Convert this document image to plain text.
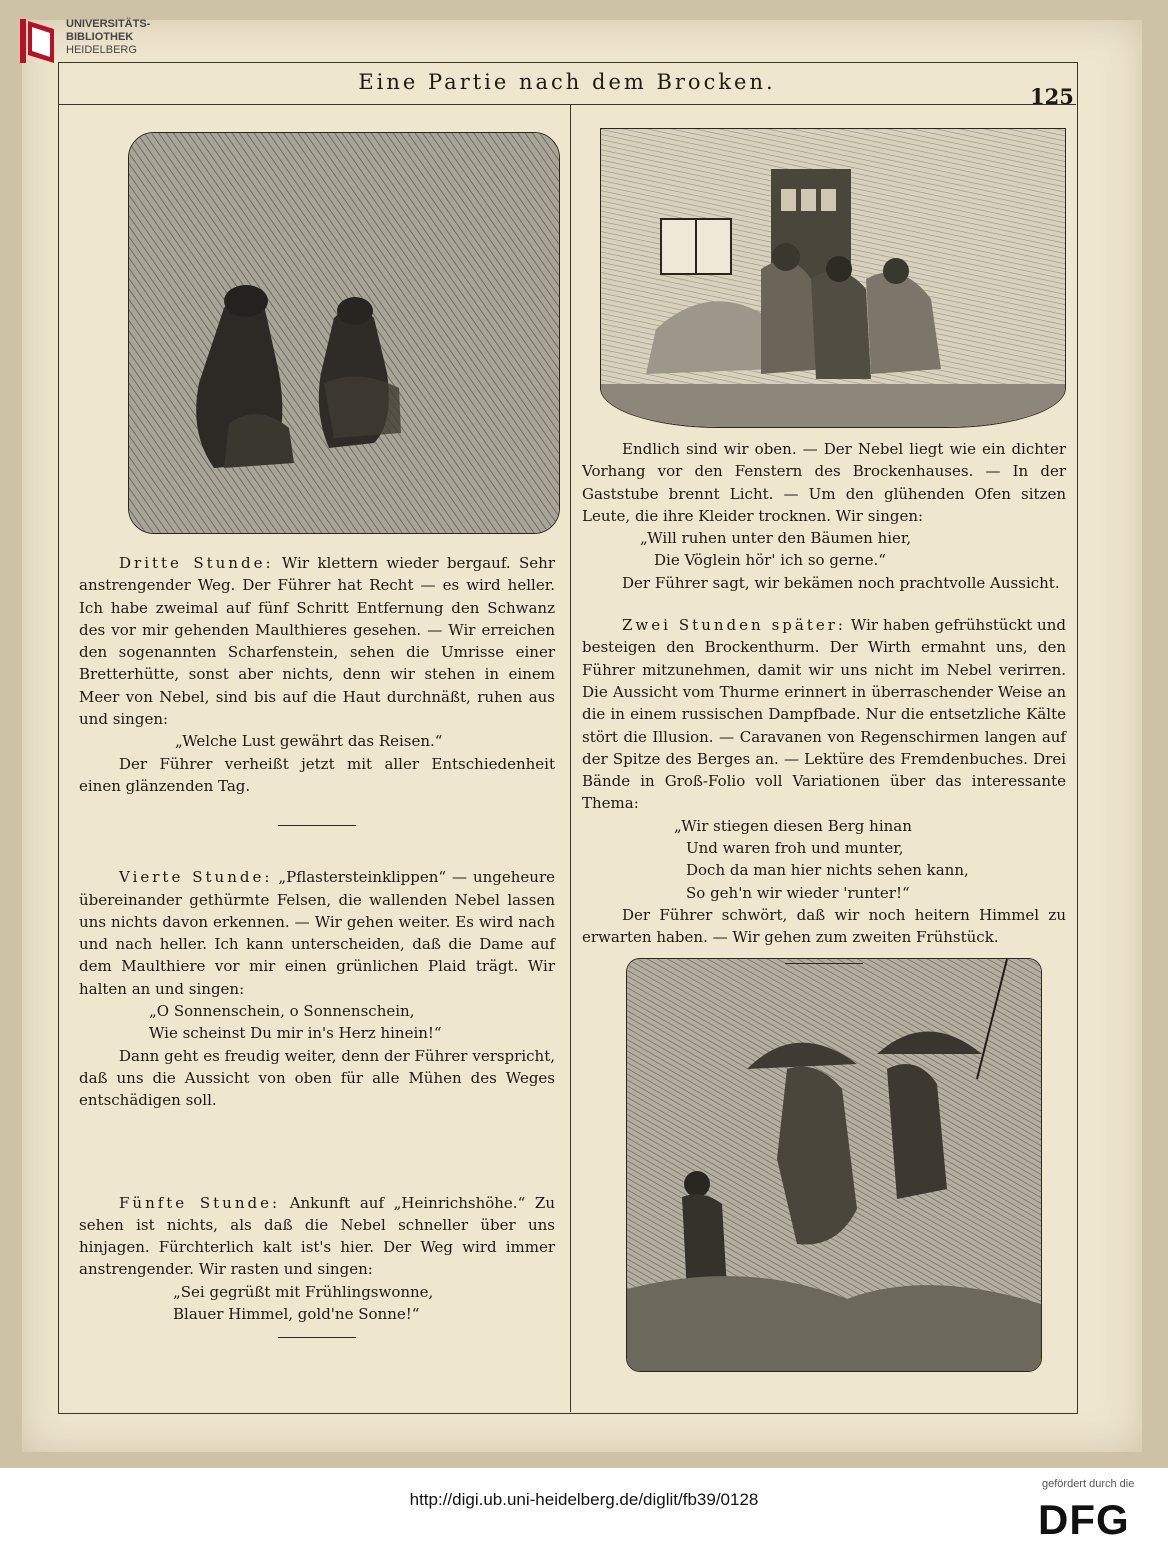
Eine Partie nach dem Brocken.
125

Dritte Stunde: Wir klettern wieder bergauf. Sehr anstrengender Weg. Der Führer hat Recht — es wird heller. Ich habe zweimal auf fünf Schritt Entfernung den Schwanz des vor mir gehenden Maulthieres gesehen. — Wir erreichen den sogenannten Scharfenstein, sehen die Umrisse einer Bretterhütte, sonst aber nichts, denn wir stehen in einem Meer von Nebel, sind bis auf die Haut durchnäßt, ruhen aus und singen:

„Welche Lust gewährt das Reisen.“

Der Führer verheißt jetzt mit aller Entschiedenheit einen glänzenden Tag.

Vierte Stunde: „Pflastersteinklippen“ — ungeheure übereinander gethürmte Felsen, die wallenden Nebel lassen uns nichts davon erkennen. — Wir gehen weiter. Es wird nach und nach heller. Ich kann unterscheiden, daß die Dame auf dem Maulthiere vor mir einen grünlichen Plaid trägt. Wir halten an und singen:

„O Sonnenschein, o Sonnenschein,
Wie scheinst Du mir in's Herz hinein!“

Dann geht es freudig weiter, denn der Führer verspricht, daß uns die Aussicht von oben für alle Mühen des Weges entschädigen soll.

Fünfte Stunde: Ankunft auf „Heinrichshöhe.“ Zu sehen ist nichts, als daß die Nebel schneller über uns hinjagen. Fürchterlich kalt ist's hier. Der Weg wird immer anstrengender. Wir rasten und singen:

„Sei gegrüßt mit Frühlingswonne,
Blauer Himmel, gold'ne Sonne!“

Endlich sind wir oben. — Der Nebel liegt wie ein dichter Vorhang vor den Fenstern des Brockenhauses. — In der Gaststube brennt Licht. — Um den glühenden Ofen sitzen Leute, die ihre Kleider trocknen. Wir singen:

„Will ruhen unter den Bäumen hier,
Die Vöglein hör' ich so gerne.“

Der Führer sagt, wir bekämen noch prachtvolle Aussicht.

Zwei Stunden später: Wir haben gefrühstückt und besteigen den Brockenthurm. Der Wirth ermahnt uns, den Führer mitzunehmen, damit wir uns nicht im Nebel verirren. Die Aussicht vom Thurme erinnert in überraschender Weise an die in einem russischen Dampfbade. Nur die entsetzliche Kälte stört die Illusion. — Caravanen von Regenschirmen langen auf der Spitze des Berges an. — Lektüre des Fremdenbuches. Drei Bände in Groß-Folio voll Variationen über das interessante Thema:

„Wir stiegen diesen Berg hinan
Und waren froh und munter,
Doch da man hier nichts sehen kann,
So geh'n wir wieder 'runter!“

Der Führer schwört, daß wir noch heitern Himmel zu erwarten haben. — Wir gehen zum zweiten Frühstück.

UNIVERSITÄTS-
BIBLIOTHEK
HEIDELBERG
http://digi.ub.uni-heidelberg.de/diglit/fb39/0128
gefördert durch die
DFG
